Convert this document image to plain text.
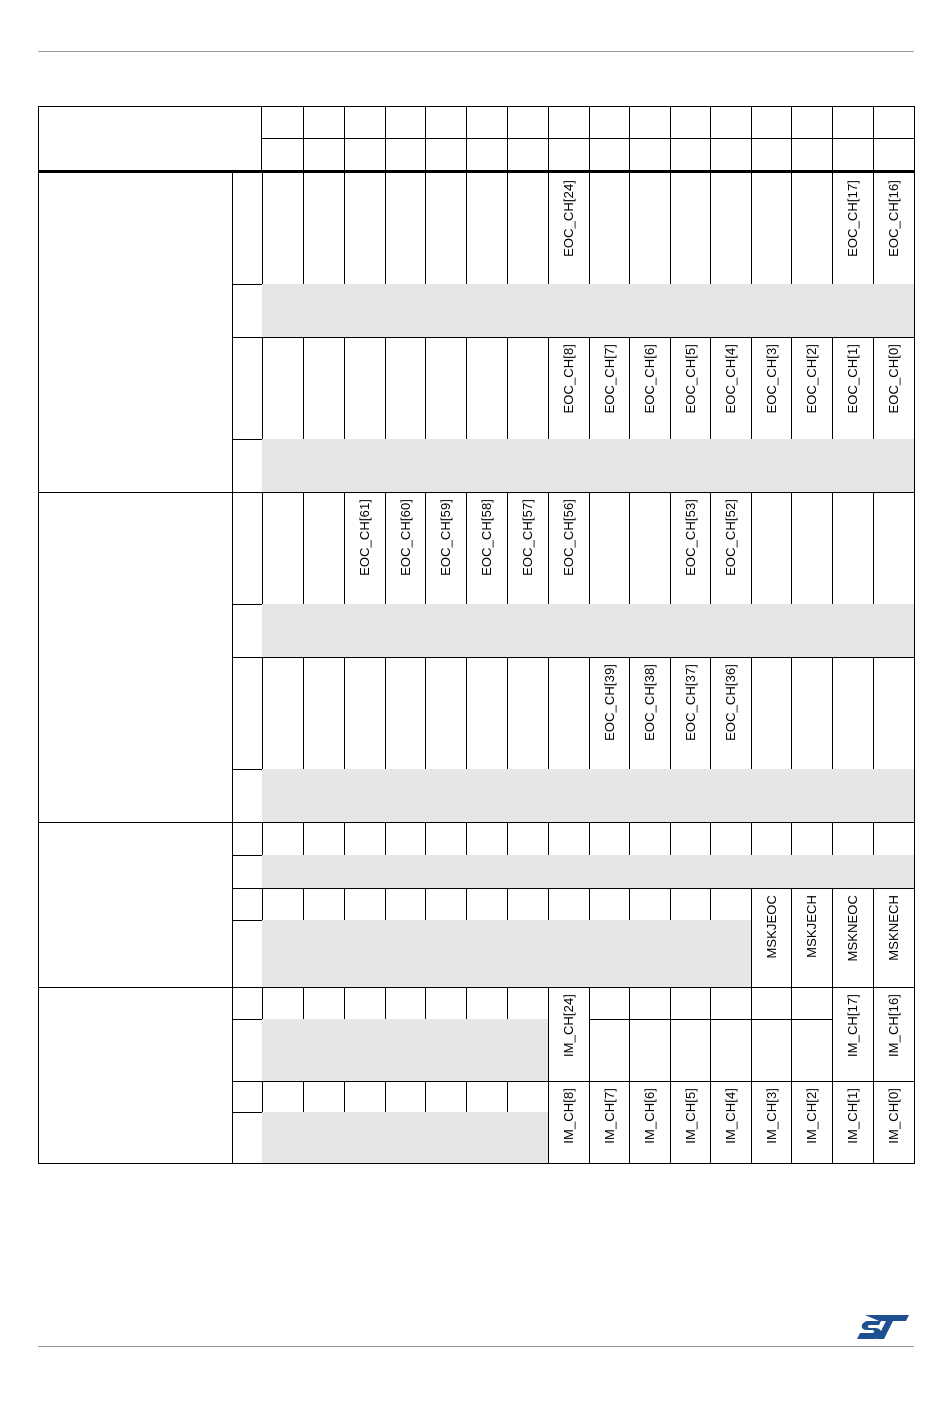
EOC_CH[24]	EOC_CH[17] EOC_CH[16]
EOC_CH[8] EOC_CH[7] EOC_CH[6] EOC_CH[5] EOC_CH[4] EOC_CH[3] EOC_CH[2] EOC_CH[1] EOC_CH[0]
EOC_CH[61] EOC_CH[60] EOC_CH[59] EOC_CH[58] EOC_CH[57] EOC_CH[56]	EOC_CH[53] EOC_CH[52]
EOC_CH[39] EOC_CH[38] EOC_CH[37] EOC_CH[36]
MSKJEOC MSKJECH MSKNEOC MSKNECH
IM_CH[24]
IM_CH[8] IM_CH[7] IM_CH[6] IM_CH[5] IM_CH[4] IM_CH[3] IM_CH[2]
IM_CH[17]
IM_CH[1]
IM_CH[16]
IM_CH[0]
